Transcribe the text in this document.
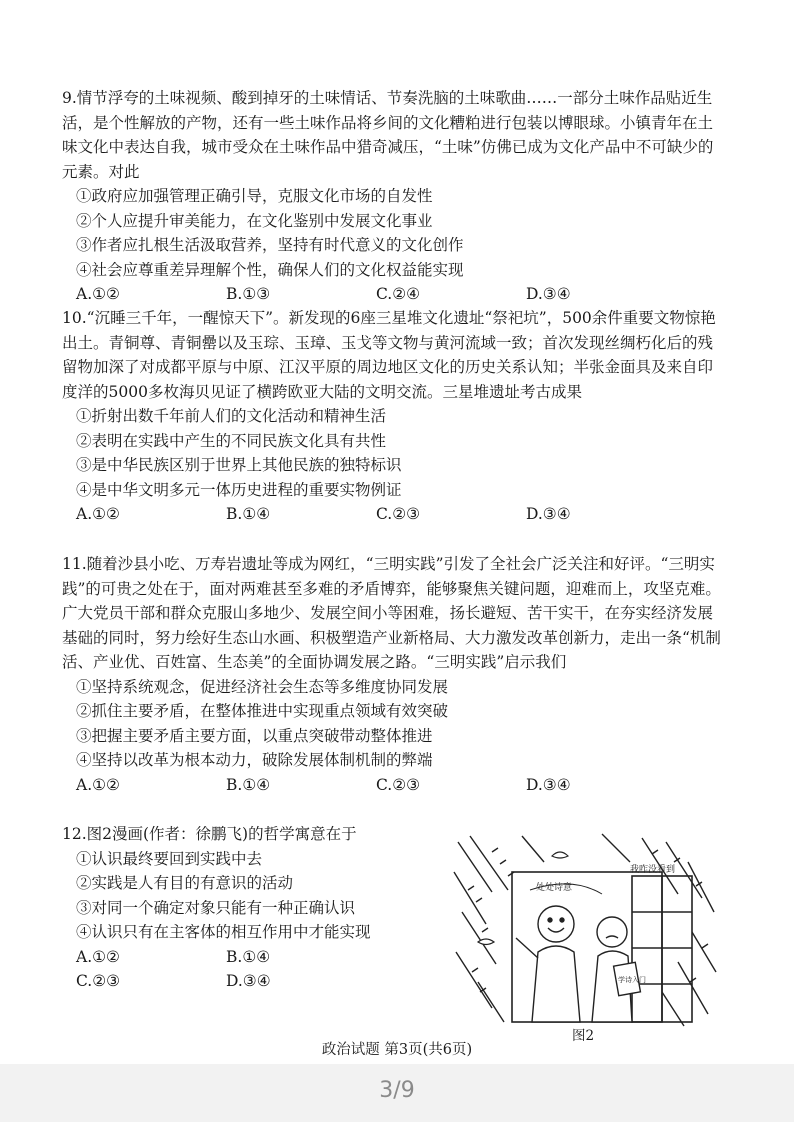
9.情节浮夸的土味视频、酸到掉牙的土味情话、节奏洗脑的土味歌曲……一部分土味作品贴近生活，是个性解放的产物，还有一些土味作品将乡间的文化糟粕进行包装以博眼球。小镇青年在土味文化中表达自我，城市受众在土味作品中猎奇减压，“土味”仿佛已成为文化产品中不可缺少的元素。对此

①政府应加强管理正确引导，克服文化市场的自发性

②个人应提升审美能力，在文化鉴别中发展文化事业

③作者应扎根生活汲取营养，坚持有时代意义的文化创作

④社会应尊重差异理解个性，确保人们的文化权益能实现

A.①②	B.①③	C.②④	D.③④

10.“沉睡三千年，一醒惊天下”。新发现的6座三星堆文化遗址“祭祀坑”，500余件重要文物惊艳出土。青铜尊、青铜罍以及玉琮、玉璋、玉戈等文物与黄河流域一致；首次发现丝绸朽化后的残留物加深了对成都平原与中原、江汉平原的周边地区文化的历史关系认知；半张金面具及来自印度洋的5000多枚海贝见证了横跨欧亚大陆的文明交流。三星堆遗址考古成果

①折射出数千年前人们的文化活动和精神生活

②表明在实践中产生的不同民族文化具有共性

③是中华民族区别于世界上其他民族的独特标识

④是中华文明多元一体历史进程的重要实物例证

A.①②	B.①④	C.②③	D.③④

11.随着沙县小吃、万寿岩遗址等成为网红，“三明实践”引发了全社会广泛关注和好评。“三明实践”的可贵之处在于，面对两难甚至多难的矛盾博弈，能够聚焦关键问题，迎难而上，攻坚克难。广大党员干部和群众克服山多地少、发展空间小等困难，扬长避短、苦干实干，在夯实经济发展基础的同时，努力绘好生态山水画、积极塑造产业新格局、大力激发改革创新力，走出一条“机制活、产业优、百姓富、生态美”的全面协调发展之路。“三明实践”启示我们

①坚持系统观念，促进经济社会生态等多维度协同发展

②抓住主要矛盾，在整体推进中实现重点领域有效突破

③把握主要矛盾主要方面，以重点突破带动整体推进

④坚持以改革为根本动力，破除发展体制机制的弊端

A.①②	B.①④	C.②③	D.③④

12.图2漫画(作者：徐鹏飞)的哲学寓意在于

①认识最终要回到实践中去

②实践是人有目的有意识的活动

③对同一个确定对象只能有一种正确认识

④认识只有在主客体的相互作用中才能实现

A.①②	B.①④
C.②③	D.③④
处处诗意
我咋没看到
学诗入门
图2
政治试题 第3页(共6页)
3/9
